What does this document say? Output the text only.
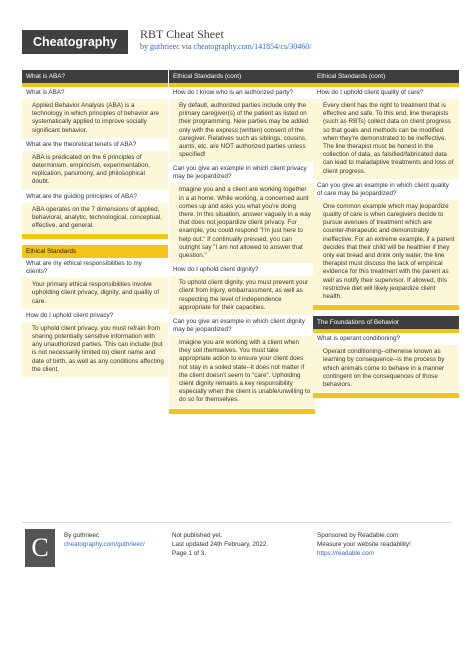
Cheatography
RBT Cheat Sheet
by guthrieec via cheatography.com/141854/cs/30460/
What is ABA?
What is ABA?
Applied Behavior Analysis (ABA) is a technology in which principles of behavior are systematically applied to improve socially significant behavior.
What are the theoretical tenets of ABA?
ABA is predicated on the 6 principles of determinism, empiricism, experimentation, replication, parsimony, and philosophical doubt.
What are the guiding principles of ABA?
ABA operates on the 7 dimensions of applied, behavioral, analytic, technological, conceptual, effective, and general.
Ethical Standards
What are my ethical responsibilities to my clients?
Your primary ethical responsibilities involve upholding client privacy, dignity, and quality of care.
How do I uphold client privacy?
To uphold client privacy, you must refrain from sharing potentially sensitive information with any unauthorized parties. This can include (but is not necessarily limited to) client name and date of birth, as well as any conditions affecting the client.
Ethical Standards (cont)
How do I know who is an authorized party?
By default, authorized parties include only the primary caregiver(s) of the patient as listed on their programming. New parties may be added only with the express (written) consent of the caregiver. Relatives such as siblings, cousins, aunts, etc. are NOT authorized parties unless specified!
Can you give an example in which client privacy may be jeopardized?
Imagine you and a client are working together in a at home. While working, a concerned aunt comes up and asks you what you're doing there. In this situation, answer vaguely in a way that does not jeopardize client privacy. For example, you could respond "I'm just here to help out." If continually pressed, you can outright say "I am not allowed to answer that question."
How do I uphold client dignity?
To uphold client dignity, you must prevent your client from injury, embarrassment, as well as respecting the level of independence appropriate for their capacities.
Can you give an example in which client dignity may be jeopardized?
Imagine you are working with a client when they soil themselves. You must take appropriate action to ensure your client does not stay in a soiled state--it does not matter if the client doesn't seem to "care". Upholding client dignity remains a key responsibility especially when the client is unable/unwilling to do so for themselves.
Ethical Standards (cont)
How do I uphold client quality of care?
Every client has the right to treatment that is effective and safe. To this end, line therapists (such as RBTs) collect data on client progress so that goals and methods can be modified when they're demonstrated to be ineffective. The line therapist must be honest in the collection of data, as falsified/fabricated data can lead to maladaptive treatments and loss of client progress.
Can you give an example in which client quality of care may be jeopardized?
One common example which may jeopardize quality of care is when caregivers decide to pursue avenues of treatment which are counter-therapeutic and demonstrably ineffective. For an extreme example, if a parent decides that their child will be healthier if they only eat bread and drink only water, the line therapist must discuss the lack of empirical evidence for this treatment with the parent as well as notify their supervisor. If allowed, this restrictive diet will likely jeopardize client health.
The Foundations of Behavior
What is operant conditioning?
Operant conditioning--otherwise known as learning by consequence--is the process by which animals come to behave in a manner contingent on the consequences of those behaviors.
C	By guthrieec
cheatography.com/guthrieec/
Not published yet.
Last updated 24th February, 2022.
Page 1 of 3.
Sponsored by Readable.com
Measure your website readability!
https://readable.com
